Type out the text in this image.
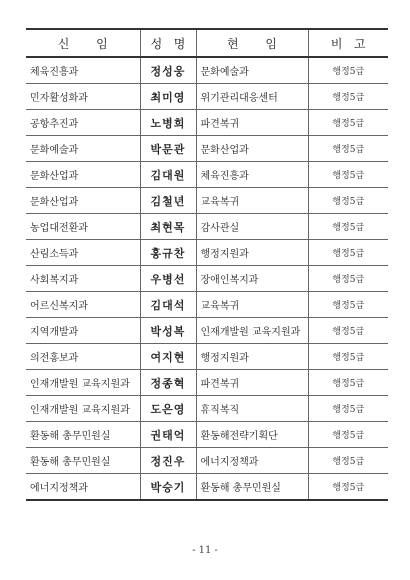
신       임	성   명	현       임	비   고
체육진흥과	정성웅	문화예술과	행정5급
민자활성화과	최미영	위기관리대응센터	행정5급
공항추진과	노병희	파견복귀	행정5급
문화예술과	박문관	문화산업과	행정5급
문화산업과	김대원	체육진흥과	행정5급
문화산업과	김철년	교육복귀	행정5급
농업대전환과	최현목	감사관실	행정5급
산림소득과	홍규찬	행정지원과	행정5급
사회복지과	우병선	장애인복지과	행정5급
어르신복지과	김대석	교육복귀	행정5급
지역개발과	박성복	인재개발원 교육지원과	행정5급
의전홍보과	여지현	행정지원과	행정5급
인재개발원 교육지원과	정종혁	파견복귀	행정5급
인재개발원 교육지원과	도은영	휴직복직	행정5급
환동해 총무민원실	권태억	환동해전략기획단	행정5급
환동해 총무민원실	정진우	에너지정책과	행정5급
에너지정책과	박승기	환동해 총무민원실	행정5급
- 11 -
